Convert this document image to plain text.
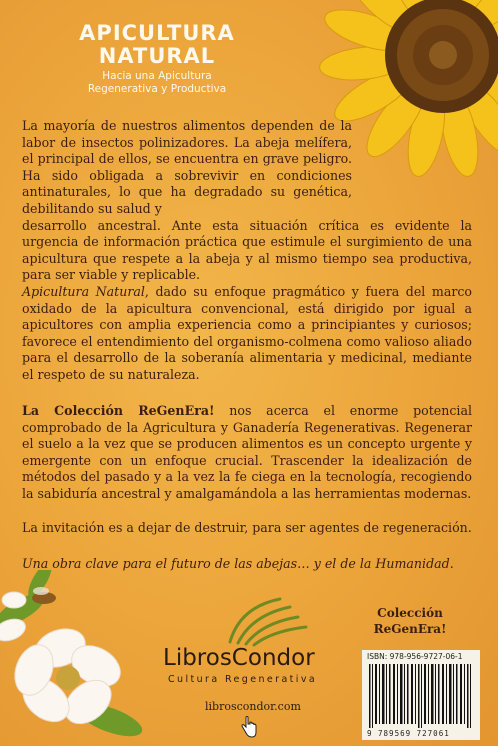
APICULTURA
NATURAL
Hacia una Apicultura
Regenerativa y Productiva
La mayoría de nuestros alimentos dependen de la labor de insectos polinizadores. La abeja melífera, el principal de ellos, se encuentra en grave peligro. Ha sido obligada a sobrevivir en condiciones antinaturales, lo que ha degradado su genética, debilitando su salud y
desarrollo ancestral. Ante esta situación crítica es evidente la urgencia de información práctica que estimule el surgimiento de una apicultura que respete a la abeja y al mismo tiempo sea productiva, para ser viable y replicable.
Apicultura Natural, dado su enfoque pragmático y fuera del marco oxidado de la apicultura convencional, está dirigido por igual a apicultores con amplia experiencia como a principiantes y curiosos; favorece el entendimiento del organismo-colmena como valioso aliado para el desarrollo de la soberanía alimentaria y medicinal, mediante el respeto de su naturaleza.
La Colección ReGenEra! nos acerca el enorme potencial comprobado de la Agricultura y Ganadería Regenerativas. Regenerar el suelo a la vez que se producen alimentos es un concepto urgente y emergente con un enfoque crucial. Trascender la idealización de métodos del pasado y a la vez la fe ciega en la tecnología, recogiendo la sabiduría ancestral y amalgamándola a las herramientas modernas.
La invitación es a dejar de destruir, para ser agentes de regeneración.
Una obra clave para el futuro de las abejas… y el de la Humanidad.
Colección
ReGenEra!
LibrosCondor
Cultura Regenerativa
libroscondor.com
ISBN: 978-956-9727-06-1
9 789569 727061
